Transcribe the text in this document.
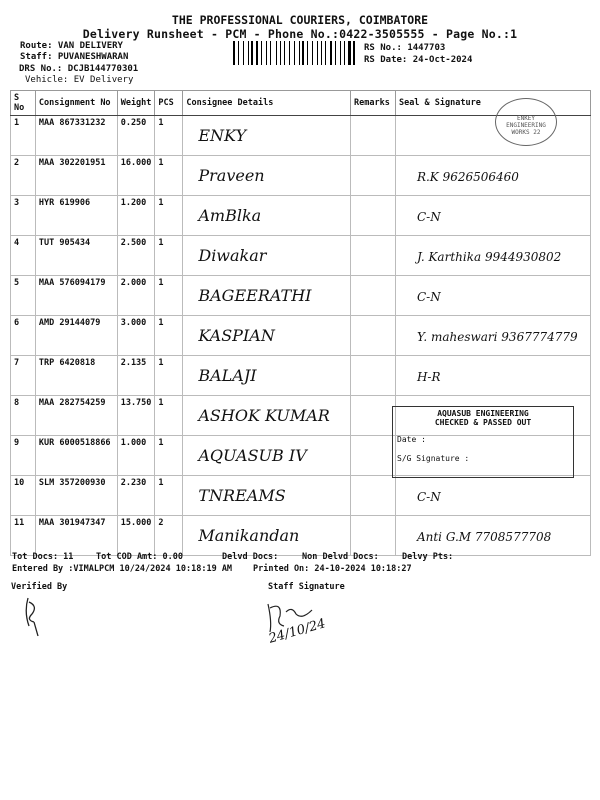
THE PROFESSIONAL COURIERS, COIMBATORE
Delivery Runsheet - PCM - Phone No.:0422-3505555 - Page No.:1
Route: VAN DELIVERY
Staff: PUVANESHWARAN
DRS No.: DCJB144770301
Vehicle: EV Delivery
RS No.: 1447703
RS Date: 24-Oct-2024
S No	Consignment No	Weight	PCS	Consignee Details	Remarks	Seal & Signature
1	MAA 867331232	0.250	1	ENKY		

2	MAA 302201951	16.000	1	Praveen		R.K 9626506460

3	HYR 619906	1.200	1	AmBlka		C-N

4	TUT 905434	2.500	1	Diwakar		J. Karthika 9944930802

5	MAA 576094179	2.000	1	BAGEERATHI		C-N

6	AMD 29144079	3.000	1	KASPIAN		Y. maheswari 9367774779

7	TRP 6420818	2.135	1	BALAJI		H-R

8	MAA 282754259	13.750	1	ASHOK KUMAR		

9	KUR 6000518866	1.000	1	AQUASUB IV		

10	SLM 357200930	2.230	1	TNREAMS		C-N

11	MAA 301947347	15.000	2	Manikandan		Anti G.M 7708577708
ENKEY ENGINEERING WORKS 22
AQUASUB ENGINEERING
CHECKED & PASSED OUT
Date :
S/G Signature :
Tot Docs: 11	Tot COD Amt: 0.00	Delvd Docs:	Non Delvd Docs:	Delvy Pts:
Entered By :VIMALPCM 10/24/2024 10:18:19 AM Printed On: 24-10-2024 10:18:27
Verified By	Staff Signature
24/10/24
